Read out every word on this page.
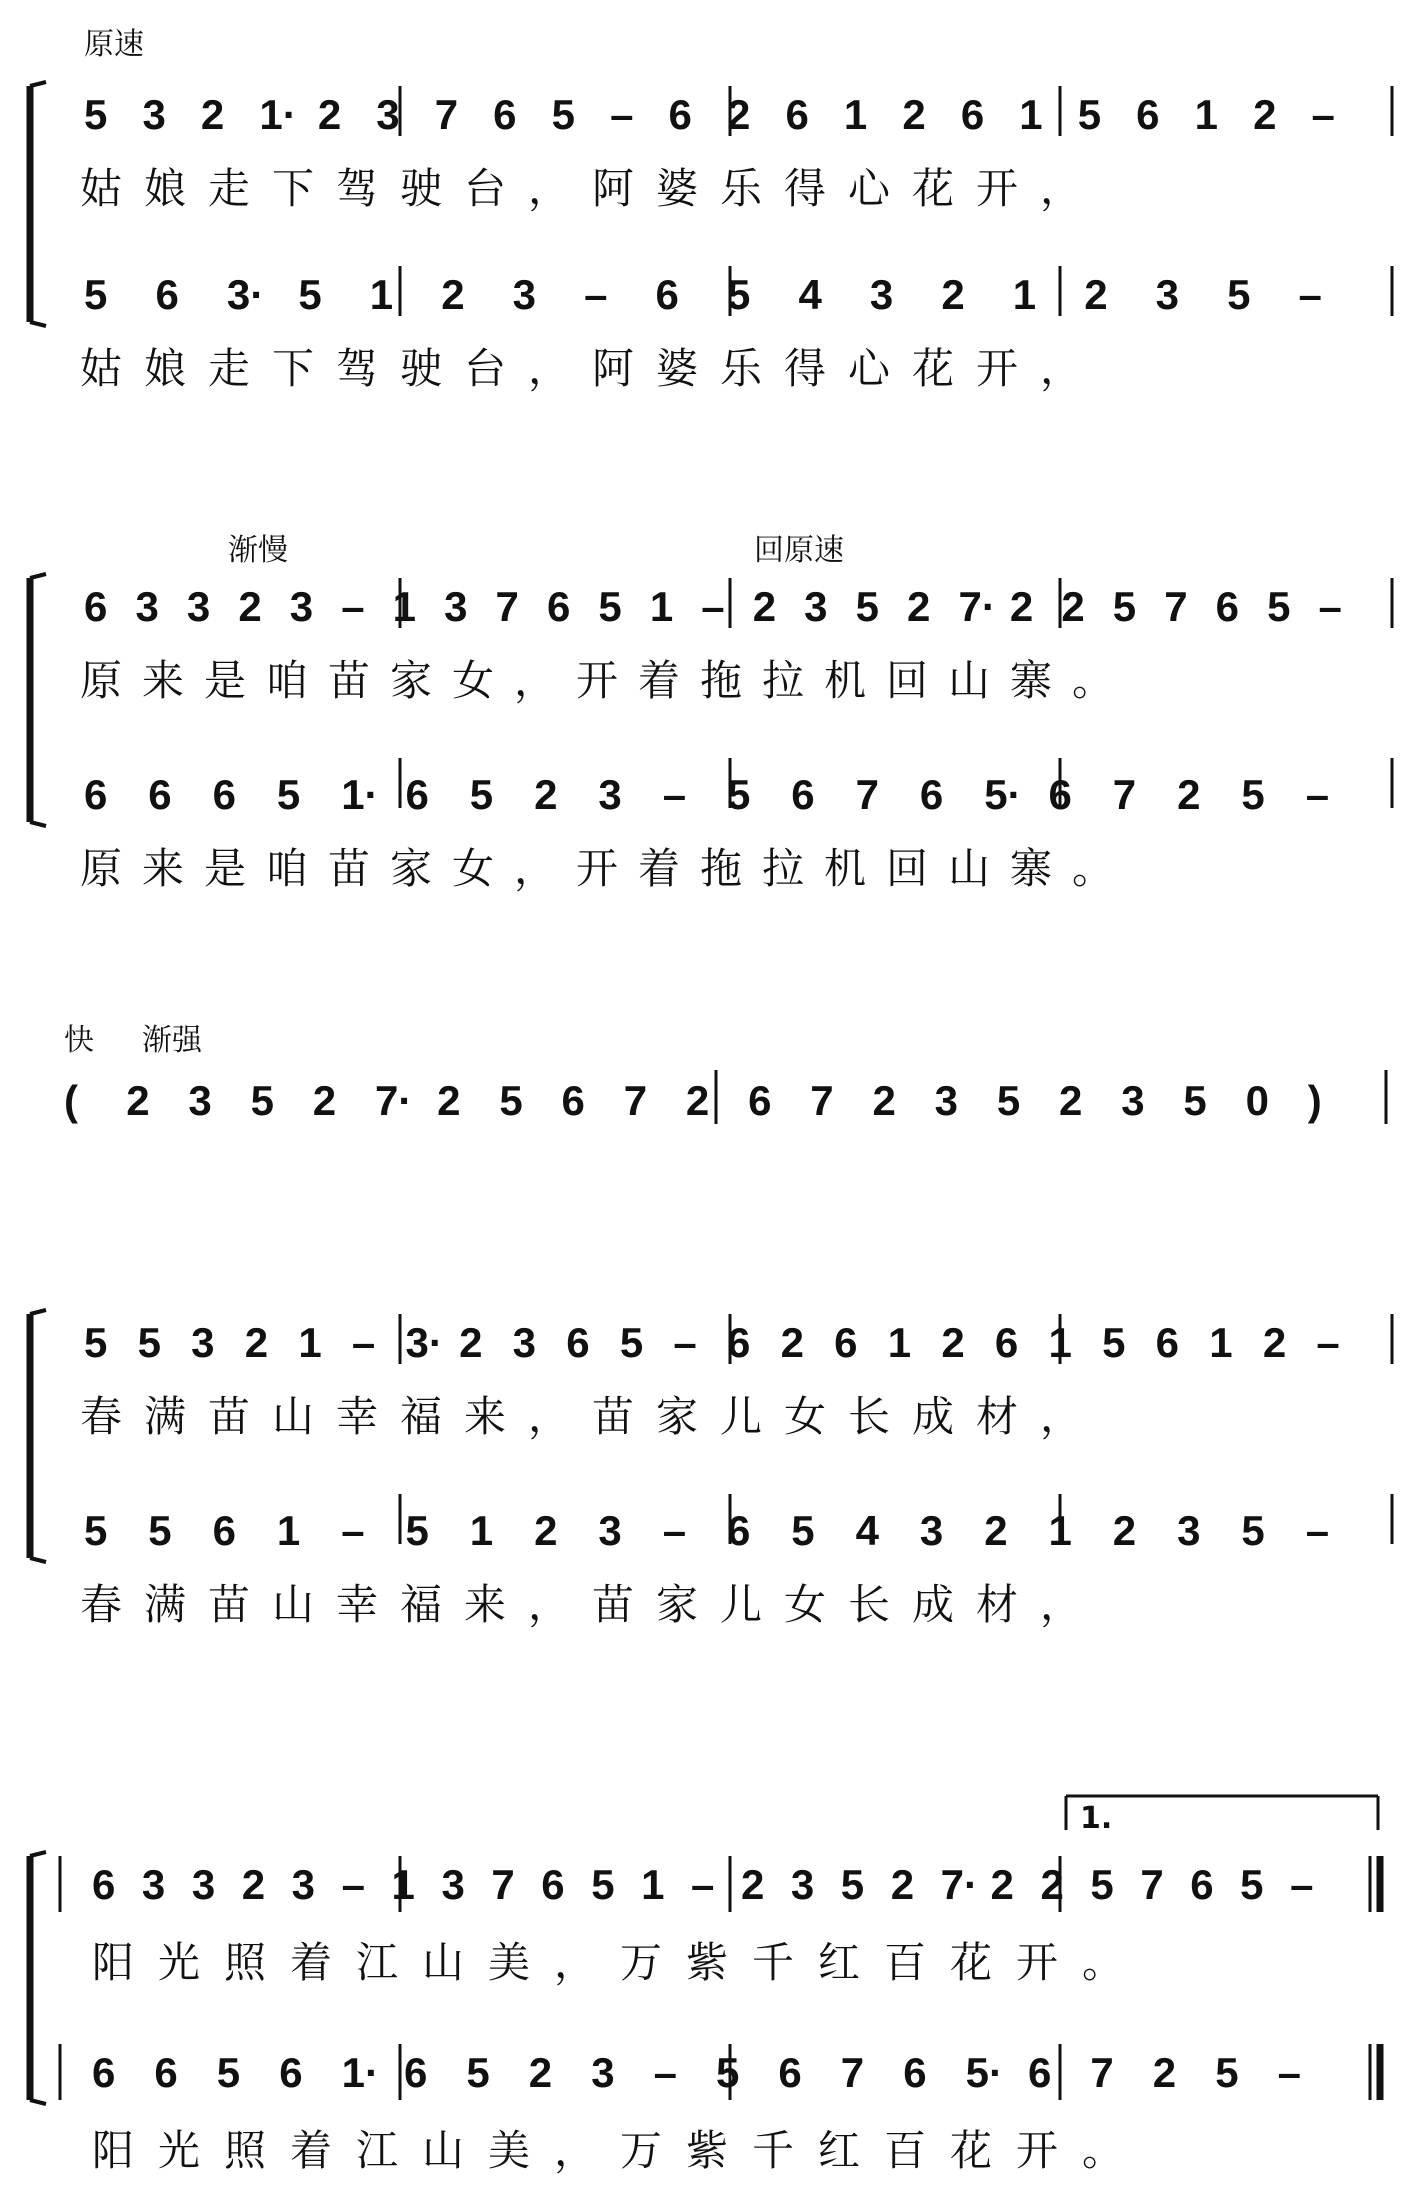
原速
渐慢	回原速
快 渐强
1.
姑娘走下驾驶台，阿婆乐得心花开，
姑娘走下驾驶台，阿婆乐得心花开，
原来是咱苗家女，开着拖拉机回山寨。
原来是咱苗家女，开着拖拉机回山寨。
春满苗山幸福来，苗家儿女长成材，
春满苗山幸福来，苗家儿女长成材，
阳光照着江山美，万紫千红百花开。
阳光照着江山美，万紫千红百花开。
5 3 2 1· 2 3 7 6 5 – 6 2 6 1 2 6 1 5 6 1 2 –
5 6 3· 5 1 2 3 – 6 5 4 3 2 1 2 3 5 –
6 3 3 2 3 – 1 3 7 6 5 1 – 2 3 5 2 7· 2 2 5 7 6 5 –
6 6 6 5 1· 6 5 2 3 – 5 6 7 6 5· 6 7 2 5 –
( 2 3 5 2 7· 2 5 6 7 2 6 7 2 3 5 2 3 5 0 )
5 5 3 2 1 – 3· 2 3 6 5 – 6 2 6 1 2 6 1 5 6 1 2 –
5 5 6 1 – 5 1 2 3 – 6 5 4 3 2 1 2 3 5 –
6 3 3 2 3 – 1 3 7 6 5 1 – 2 3 5 2 7· 2 2 5 7 6 5 –
6 6 5 6 1· 6 5 2 3 – 5 6 7 6 5· 6 7 2 5 –
